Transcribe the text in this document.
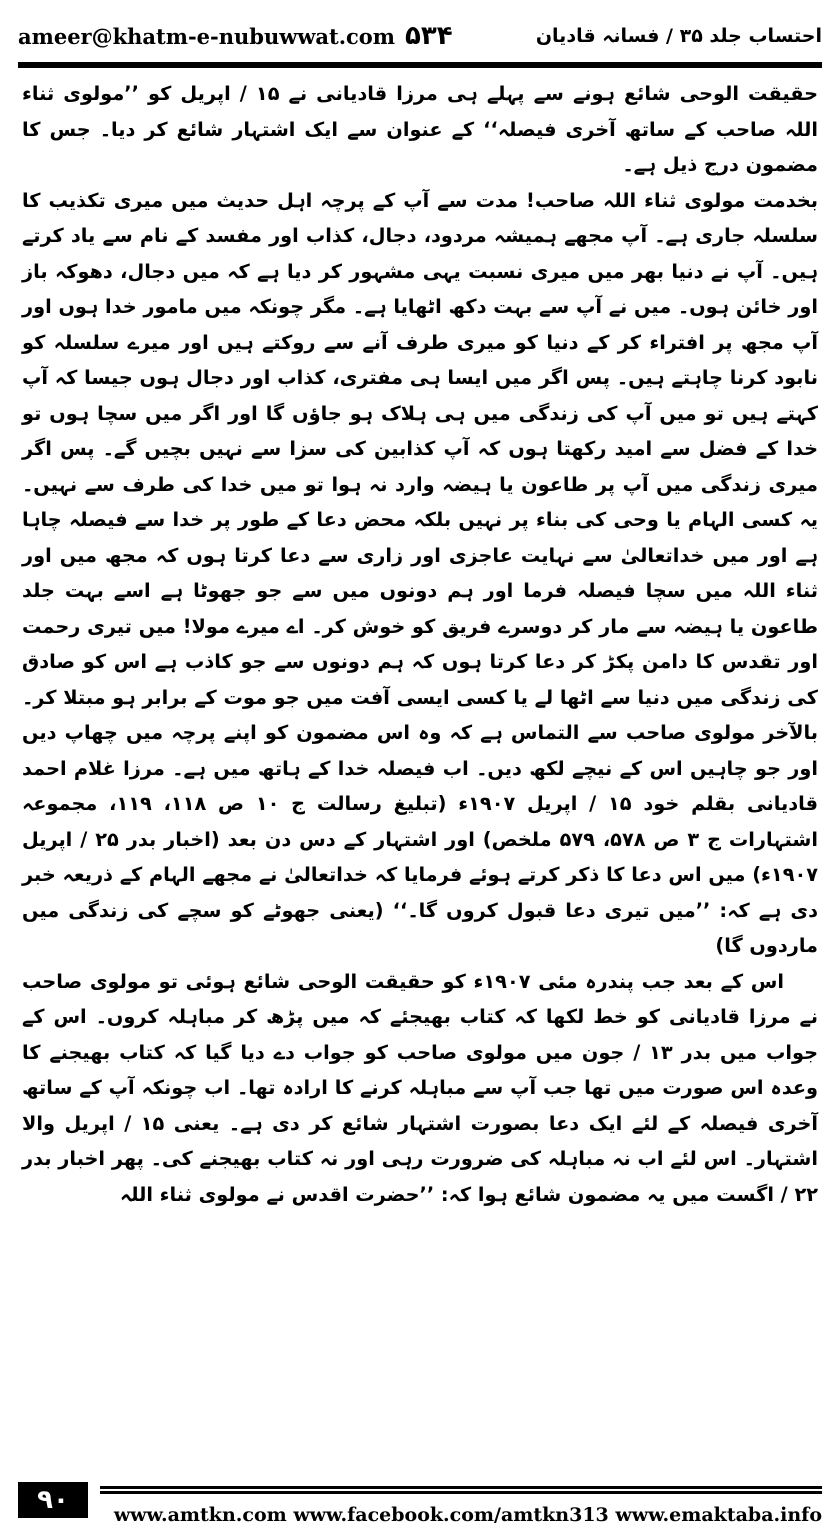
ameer@khatm-e-nubuwwat.com ۵۳۴	احتساب جلد ۳۵ / فسانہ قادیان

حقیقت الوحی شائع ہونے سے پہلے ہی مرزا قادیانی نے ۱۵ / اپریل کو ’’مولوی ثناء اللہ صاحب کے ساتھ آخری فیصلہ‘‘ کے عنوان سے ایک اشتہار شائع کر دیا۔ جس کا مضمون درج ذیل ہے۔

بخدمت مولوی ثناء اللہ صاحب! مدت سے آپ کے پرچہ اہل حدیث میں میری تکذیب کا سلسلہ جاری ہے۔ آپ مجھے ہمیشہ مردود، دجال، کذاب اور مفسد کے نام سے یاد کرتے ہیں۔ آپ نے دنیا بھر میں میری نسبت یہی مشہور کر دیا ہے کہ میں دجال، دھوکہ باز اور خائن ہوں۔ میں نے آپ سے بہت دکھ اٹھایا ہے۔ مگر چونکہ میں مامور خدا ہوں اور آپ مجھ پر افتراء کر کے دنیا کو میری طرف آنے سے روکتے ہیں اور میرے سلسلہ کو نابود کرنا چاہتے ہیں۔ پس اگر میں ایسا ہی مفتری، کذاب اور دجال ہوں جیسا کہ آپ کہتے ہیں تو میں آپ کی زندگی میں ہی ہلاک ہو جاؤں گا اور اگر میں سچا ہوں تو خدا کے فضل سے امید رکھتا ہوں کہ آپ کذابین کی سزا سے نہیں بچیں گے۔ پس اگر میری زندگی میں آپ پر طاعون یا ہیضہ وارد نہ ہوا تو میں خدا کی طرف سے نہیں۔ یہ کسی الہام یا وحی کی بناء پر نہیں بلکہ محض دعا کے طور پر خدا سے فیصلہ چاہا ہے اور میں خداتعالیٰ سے نہایت عاجزی اور زاری سے دعا کرتا ہوں کہ مجھ میں اور ثناء اللہ میں سچا فیصلہ فرما اور ہم دونوں میں سے جو جھوٹا ہے اسے بہت جلد طاعون یا ہیضہ سے مار کر دوسرے فریق کو خوش کر۔ اے میرے مولا! میں تیری رحمت اور تقدس کا دامن پکڑ کر دعا کرتا ہوں کہ ہم دونوں سے جو کاذب ہے اس کو صادق کی زندگی میں دنیا سے اٹھا لے یا کسی ایسی آفت میں جو موت کے برابر ہو مبتلا کر۔ بالآخر مولوی صاحب سے التماس ہے کہ وہ اس مضمون کو اپنے پرچہ میں چھاپ دیں اور جو چاہیں اس کے نیچے لکھ دیں۔ اب فیصلہ خدا کے ہاتھ میں ہے۔ مرزا غلام احمد قادیانی بقلم خود ۱۵ / اپریل ۱۹۰۷ء (تبلیغ رسالت ج ۱۰ ص ۱۱۸، ۱۱۹، مجموعہ اشتہارات ج ۳ ص ۵۷۸، ۵۷۹ ملخص) اور اشتہار کے دس دن بعد (اخبار بدر ۲۵ / اپریل ۱۹۰۷ء) میں اس دعا کا ذکر کرتے ہوئے فرمایا کہ خداتعالیٰ نے مجھے الہام کے ذریعہ خبر دی ہے کہ: ’’میں تیری دعا قبول کروں گا۔‘‘ (یعنی جھوٹے کو سچے کی زندگی میں ماردوں گا)

اس کے بعد جب پندرہ مئی ۱۹۰۷ء کو حقیقت الوحی شائع ہوئی تو مولوی صاحب نے مرزا قادیانی کو خط لکھا کہ کتاب بھیجئے کہ میں پڑھ کر مباہلہ کروں۔ اس کے جواب میں بدر ۱۳ / جون میں مولوی صاحب کو جواب دے دیا گیا کہ کتاب بھیجنے کا وعدہ اس صورت میں تھا جب آپ سے مباہلہ کرنے کا ارادہ تھا۔ اب چونکہ آپ کے ساتھ آخری فیصلہ کے لئے ایک دعا بصورت اشتہار شائع کر دی ہے۔ یعنی ۱۵ / اپریل والا اشتہار۔ اس لئے اب نہ مباہلہ کی ضرورت رہی اور نہ کتاب بھیجنے کی۔ پھر اخبار بدر ۲۲ / اگست میں یہ مضمون شائع ہوا کہ: ’’حضرت اقدس نے مولوی ثناء اللہ

۹۰	www.amtkn.com www.facebook.com/amtkn313 www.emaktaba.info
